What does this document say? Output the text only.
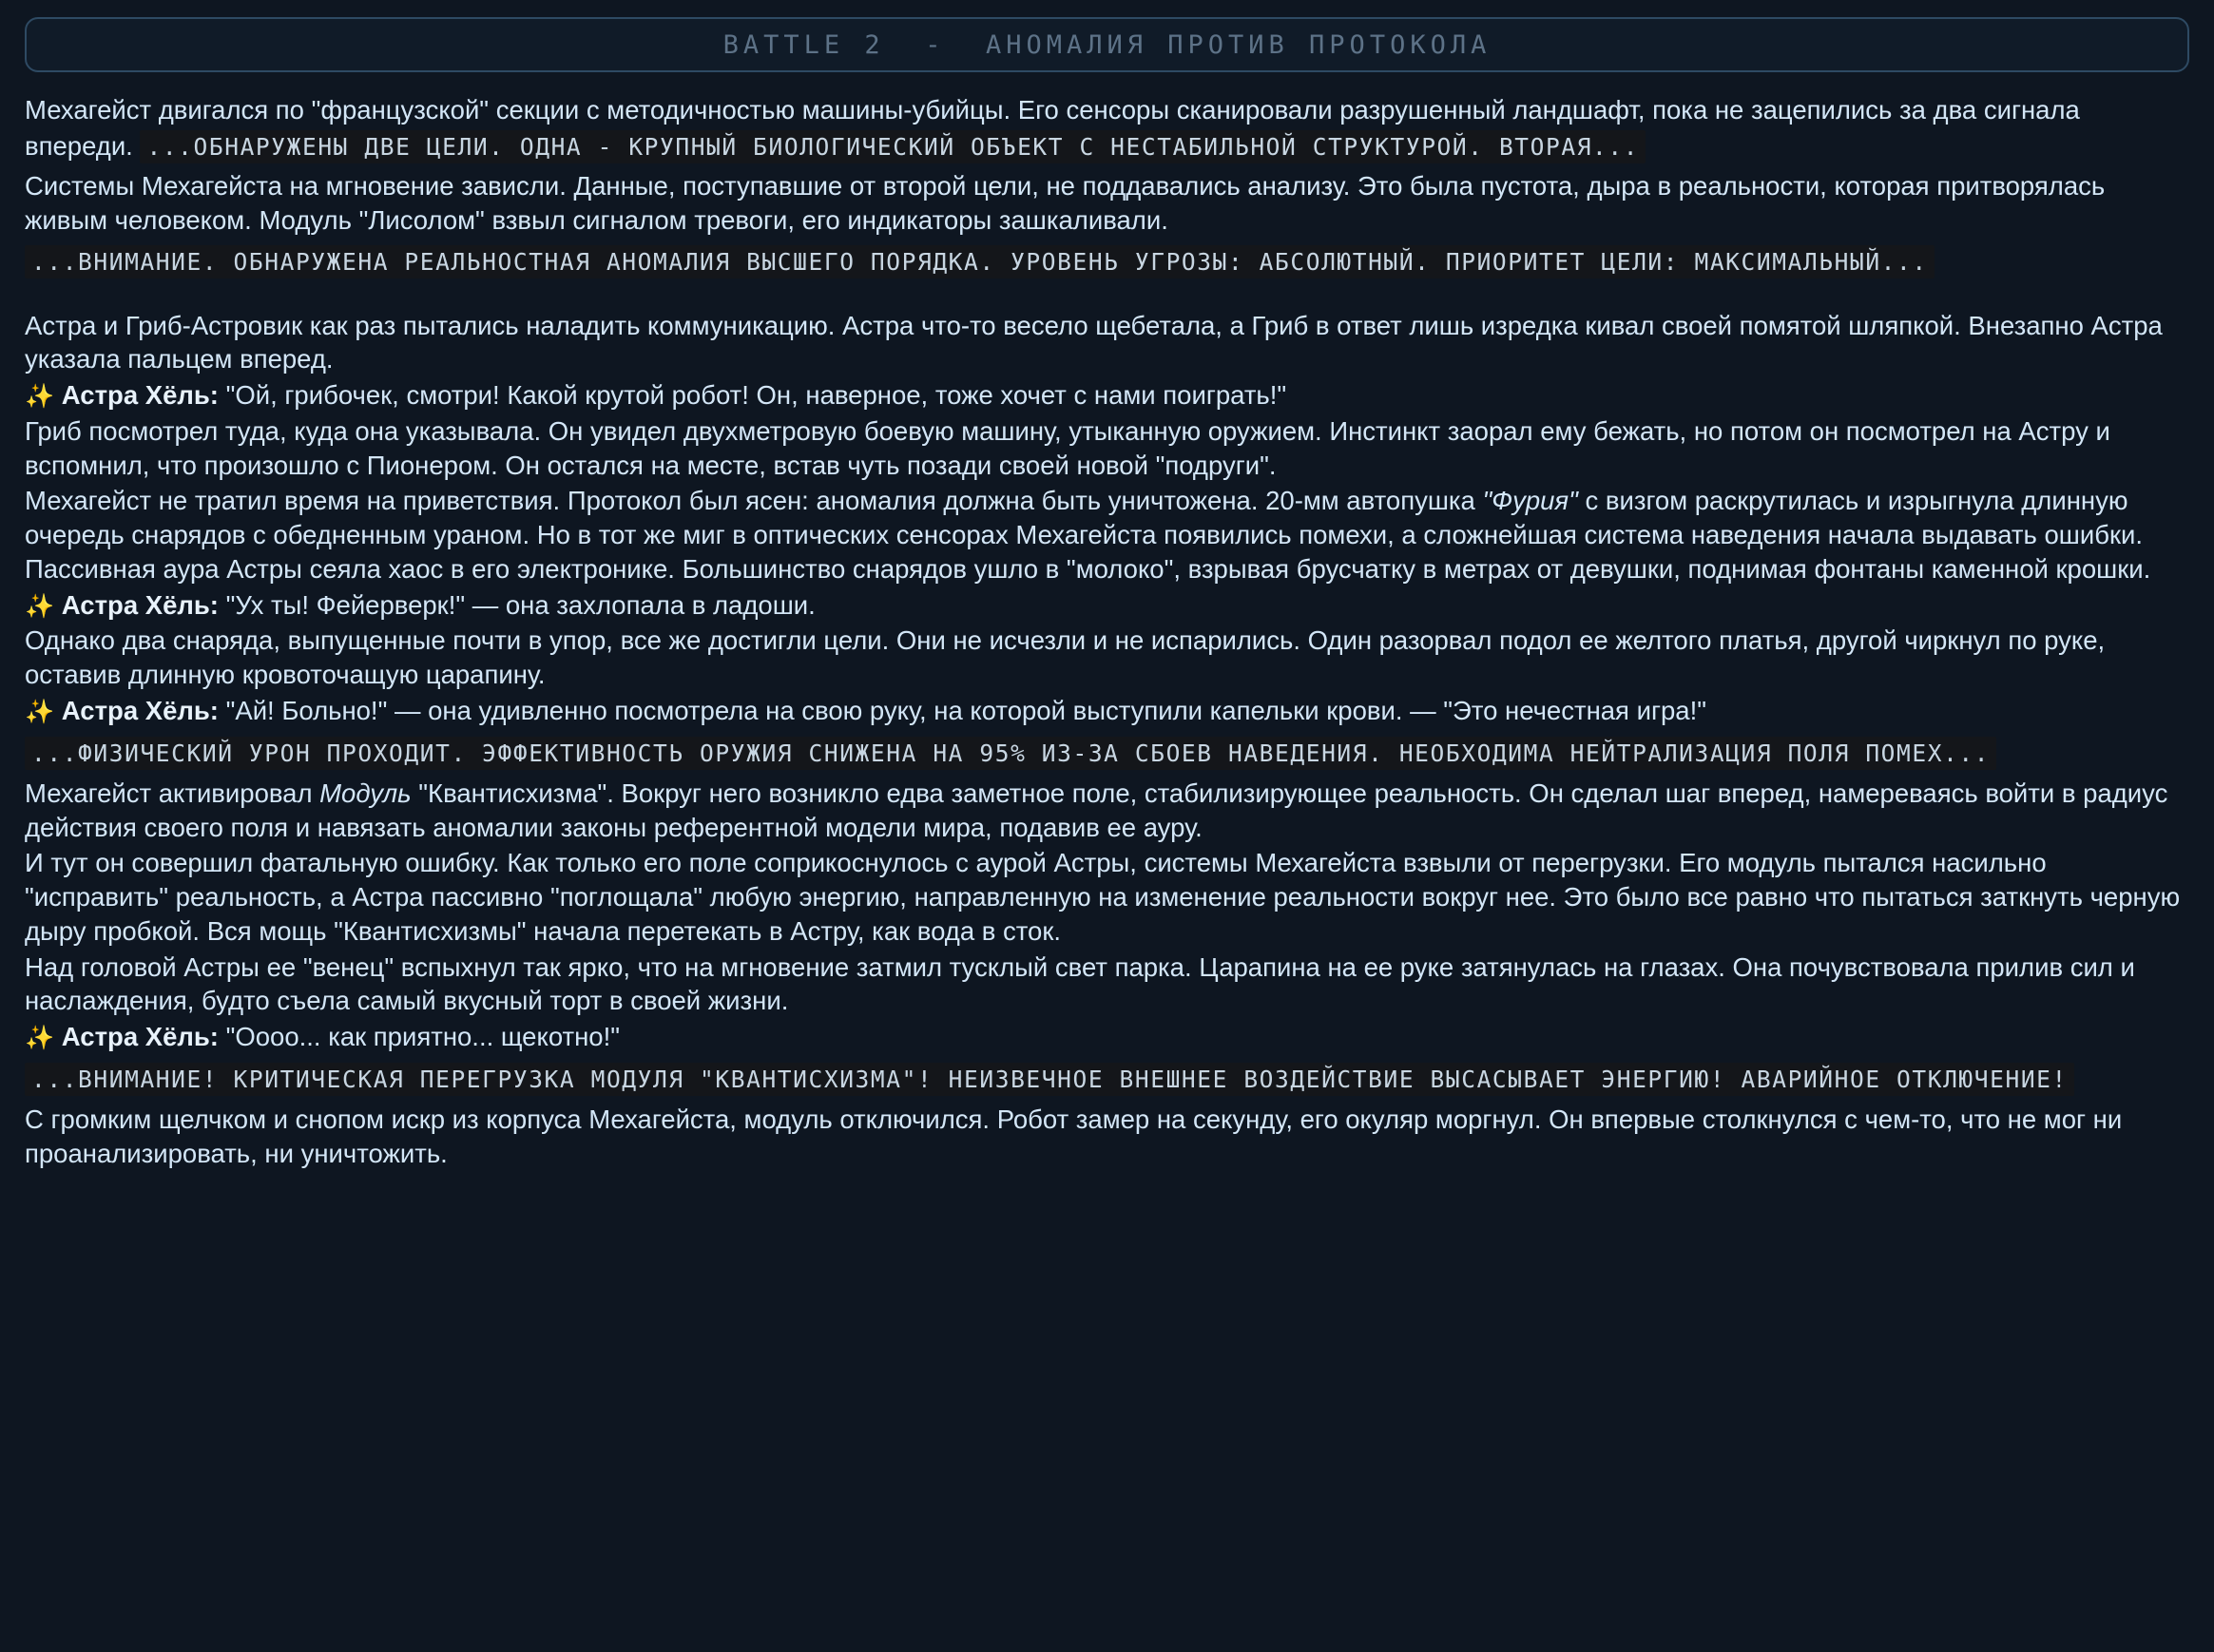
BATTLE 2  -  АНОМАЛИЯ ПРОТИВ ПРОТОКОЛА

Мехагейст двигался по "французской" секции с методичностью машины-убийцы. Его сенсоры сканировали разрушенный ландшафт, пока не зацепились за два сигнала впереди. ...ОБНАРУЖЕНЫ ДВЕ ЦЕЛИ. ОДНА - КРУПНЫЙ БИОЛОГИЧЕСКИЙ ОБЪЕКТ С НЕСТАБИЛЬНОЙ СТРУКТУРОЙ. ВТОРАЯ...

Системы Мехагейста на мгновение зависли. Данные, поступавшие от второй цели, не поддавались анализу. Это была пустота, дыра в реальности, которая притворялась живым человеком. Модуль "Лисолом" взвыл сигналом тревоги, его индикаторы зашкаливали.

...ВНИМАНИЕ. ОБНАРУЖЕНА РЕАЛЬНОСТНАЯ АНОМАЛИЯ ВЫСШЕГО ПОРЯДКА. УРОВЕНЬ УГРОЗЫ: АБСОЛЮТНЫЙ. ПРИОРИТЕТ ЦЕЛИ: МАКСИМАЛЬНЫЙ...

Астра и Гриб-Астровик как раз пытались наладить коммуникацию. Астра что-то весело щебетала, а Гриб в ответ лишь изредка кивал своей помятой шляпкой. Внезапно Астра указала пальцем вперед.

✨ Астра Хёль: "Ой, грибочек, смотри! Какой крутой робот! Он, наверное, тоже хочет с нами поиграть!"

Гриб посмотрел туда, куда она указывала. Он увидел двухметровую боевую машину, утыканную оружием. Инстинкт заорал ему бежать, но потом он посмотрел на Астру и вспомнил, что произошло с Пионером. Он остался на месте, встав чуть позади своей новой "подруги".

Мехагейст не тратил время на приветствия. Протокол был ясен: аномалия должна быть уничтожена. 20-мм автопушка "Фурия" с визгом раскрутилась и изрыгнула длинную очередь снарядов с обедненным ураном. Но в тот же миг в оптических сенсорах Мехагейста появились помехи, а сложнейшая система наведения начала выдавать ошибки. Пассивная аура Астры сеяла хаос в его электронике. Большинство снарядов ушло в "молоко", взрывая брусчатку в метрах от девушки, поднимая фонтаны каменной крошки.

✨ Астра Хёль: "Ух ты! Фейерверк!" — она захлопала в ладоши.

Однако два снаряда, выпущенные почти в упор, все же достигли цели. Они не исчезли и не испарились. Один разорвал подол ее желтого платья, другой чиркнул по руке, оставив длинную кровоточащую царапину.

✨ Астра Хёль: "Ай! Больно!" — она удивленно посмотрела на свою руку, на которой выступили капельки крови. — "Это нечестная игра!"

...ФИЗИЧЕСКИЙ УРОН ПРОХОДИТ. ЭФФЕКТИВНОСТЬ ОРУЖИЯ СНИЖЕНА НА 95% ИЗ-ЗА СБОЕВ НАВЕДЕНИЯ. НЕОБХОДИМА НЕЙТРАЛИЗАЦИЯ ПОЛЯ ПОМЕХ...

Мехагейст активировал Модуль "Квантисхизма". Вокруг него возникло едва заметное поле, стабилизирующее реальность. Он сделал шаг вперед, намереваясь войти в радиус действия своего поля и навязать аномалии законы референтной модели мира, подавив ее ауру.

И тут он совершил фатальную ошибку. Как только его поле соприкоснулось с аурой Астры, системы Мехагейста взвыли от перегрузки. Его модуль пытался насильно "исправить" реальность, а Астра пассивно "поглощала" любую энергию, направленную на изменение реальности вокруг нее. Это было все равно что пытаться заткнуть черную дыру пробкой. Вся мощь "Квантисхизмы" начала перетекать в Астру, как вода в сток.

Над головой Астры ее "венец" вспыхнул так ярко, что на мгновение затмил тусклый свет парка. Царапина на ее руке затянулась на глазах. Она почувствовала прилив сил и наслаждения, будто съела самый вкусный торт в своей жизни.

✨ Астра Хёль: "Оооо... как приятно... щекотно!"

...ВНИМАНИЕ! КРИТИЧЕСКАЯ ПЕРЕГРУЗКА МОДУЛЯ "КВАНТИСХИЗМА"! НЕИЗВЕЧНОЕ ВНЕШНЕЕ ВОЗДЕЙСТВИЕ ВЫСАСЫВАЕТ ЭНЕРГИЮ! АВАРИЙНОЕ ОТКЛЮЧЕНИЕ!

С громким щелчком и снопом искр из корпуса Мехагейста, модуль отключился. Робот замер на секунду, его окуляр моргнул. Он впервые столкнулся с чем-то, что не мог ни проанализировать, ни уничтожить.
